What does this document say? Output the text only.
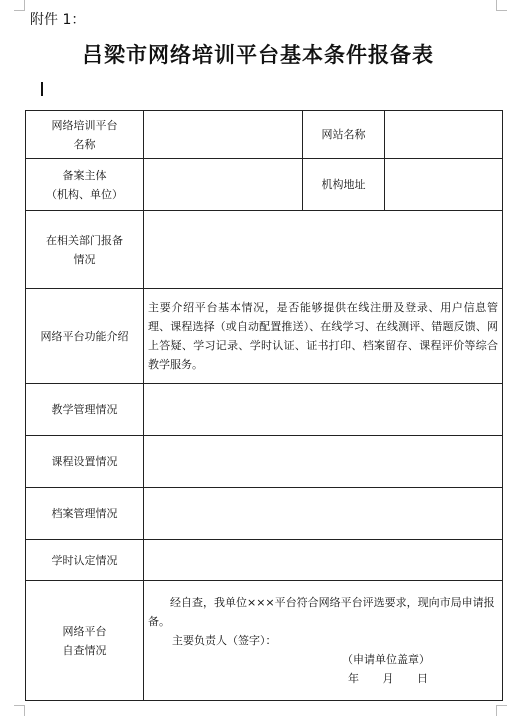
附件 1：
吕梁市网络培训平台基本条件报备表
网络培训平台
名称		网站名称	

备案主体
（机构、单位）		机构地址	

在相关部门报备
情况			

网络平台功能介绍	主要介绍平台基本情况，是否能够提供在线注册及登录、用户信息管理、课程选择（或自动配置推送）、在线学习、在线测评、错题反馈、网上答疑、学习记录、学时认证、证书打印、档案留存、课程评价等综合教学服务。		
教学管理情况			
课程设置情况			
档案管理情况			
学时认定情况			

网络平台
自查情况	经自查，我单位×××平台符合网络平台评选要求，现向市局申请报备。
主要负责人（签字）：
（申请单位盖章）
年 月 日		
